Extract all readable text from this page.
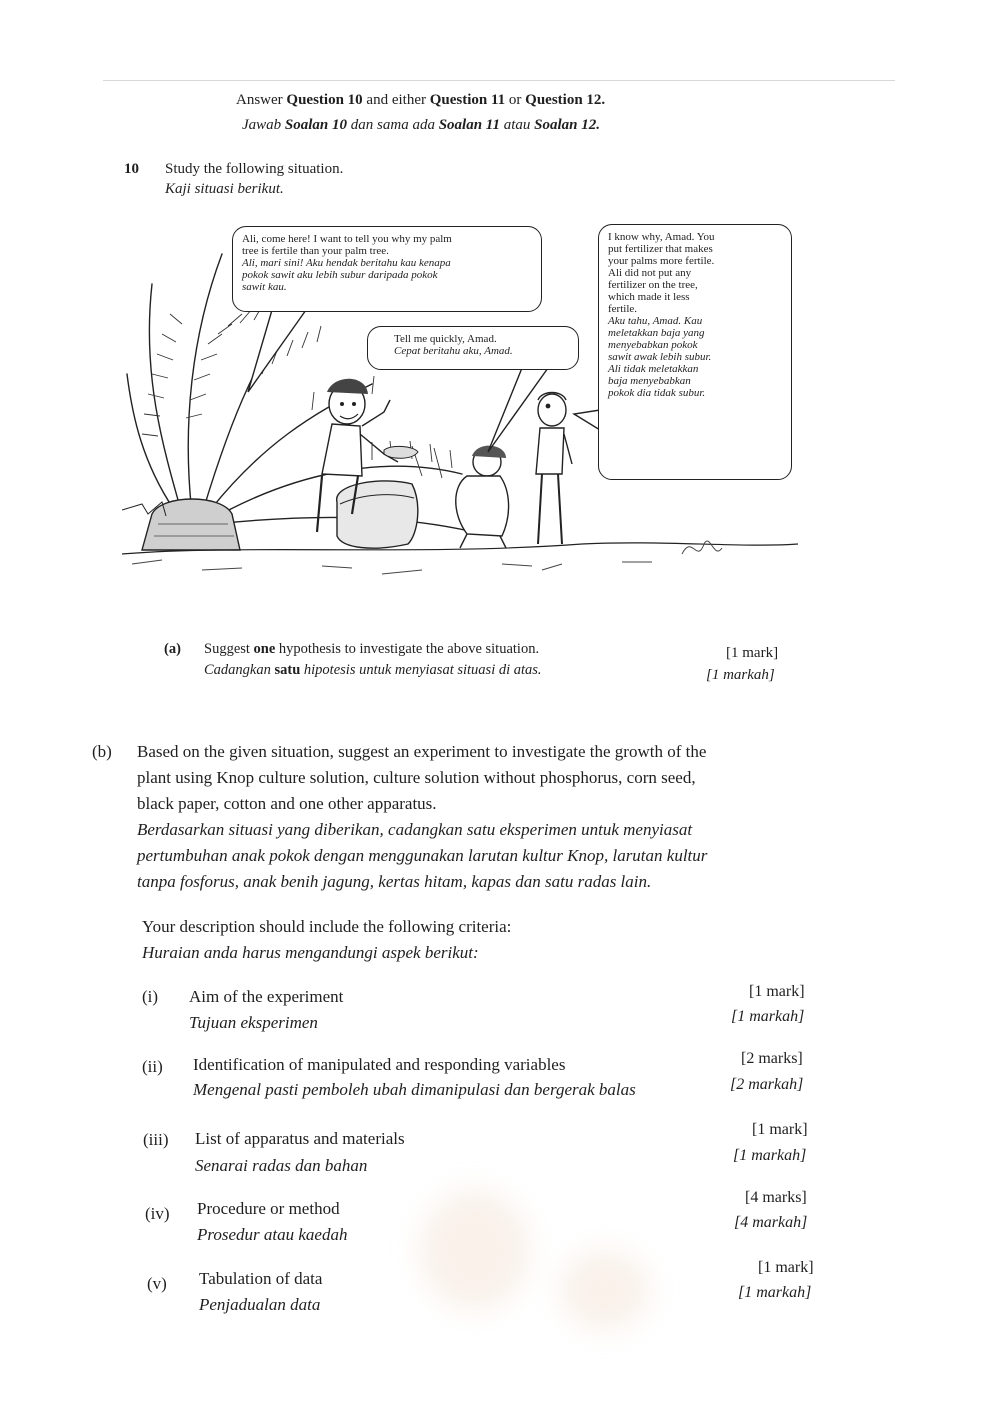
Answer Question 10 and either Question 11 or Question 12.
Jawab Soalan 10 dan sama ada Soalan 11 atau Soalan 12.
10 Study the following situation.
Kaji situasi berikut.
Ali, come here! I want to tell you why my palm
tree is fertile than your palm tree.
Ali, mari sini! Aku hendak beritahu kau kenapa
pokok sawit aku lebih subur daripada pokok
sawit kau.
Tell me quickly, Amad.
Cepat beritahu aku, Amad.
I know why, Amad. You
put fertilizer that makes
your palms more fertile.
Ali did not put any
fertilizer on the tree,
which made it less
fertile.
Aku tahu, Amad. Kau
meletakkan baja yang
menyebabkan pokok
sawit awak lebih subur.
Ali tidak meletakkan
baja menyebabkan
pokok dia tidak subur.
(a) Suggest one hypothesis to investigate the above situation.
Cadangkan satu hipotesis untuk menyiasat situasi di atas.
[1 mark]
[1 markah]
(b) Based on the given situation, suggest an experiment to investigate the growth of the
plant using Knop culture solution, culture solution without phosphorus, corn seed,
black paper, cotton and one other apparatus.
Berdasarkan situasi yang diberikan, cadangkan satu eksperimen untuk menyiasat
pertumbuhan anak pokok dengan menggunakan larutan kultur Knop, larutan kultur
tanpa fosforus, anak benih jagung, kertas hitam, kapas dan satu radas lain.
Your description should include the following criteria:
Huraian anda harus mengandungi aspek berikut:
(i) Aim of the experiment
Tujuan eksperimen
[1 mark]
[1 markah]
(ii) Identification of manipulated and responding variables
Mengenal pasti pemboleh ubah dimanipulasi dan bergerak balas
[2 marks]
[2 markah]
(iii) List of apparatus and materials
Senarai radas dan bahan
[1 mark]
[1 markah]
(iv) Procedure or method
Prosedur atau kaedah
[4 marks]
[4 markah]
(v) Tabulation of data
Penjadualan data
[1 mark]
[1 markah]
